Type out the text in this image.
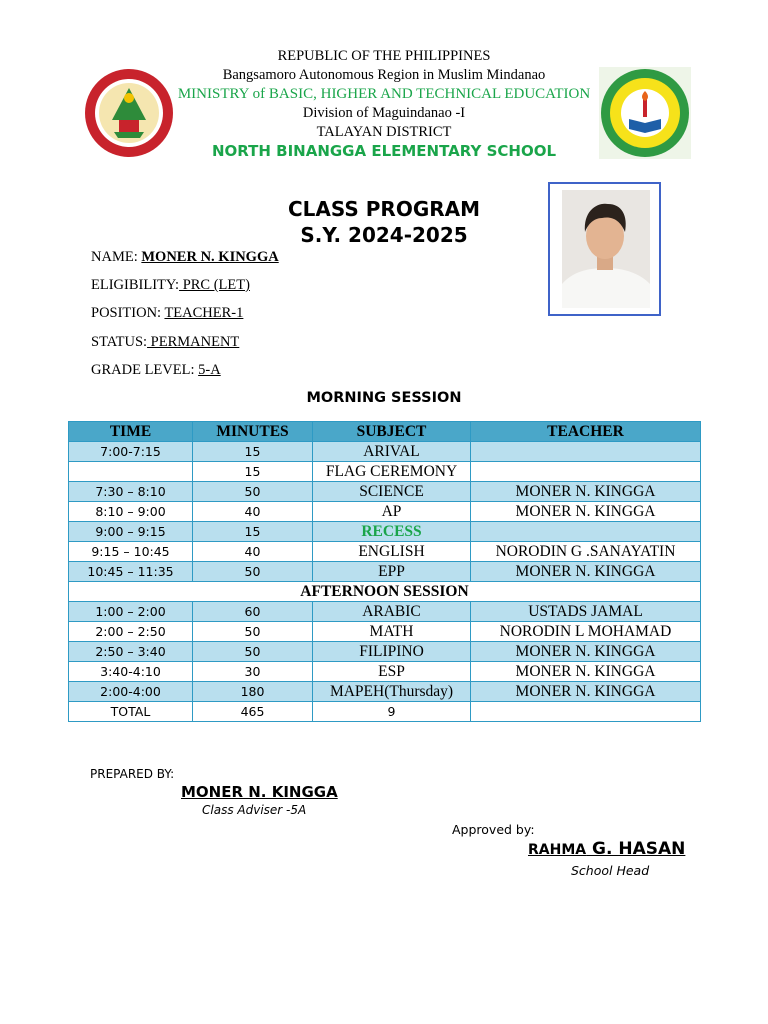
REPUBLIC OF THE PHILIPPINES
Bangsamoro Autonomous Region in Muslim Mindanao
MINISTRY of BASIC, HIGHER AND TECHNICAL EDUCATION
Division of Maguindanao -I
TALAYAN DISTRICT
NORTH BINANGGA ELEMENTARY SCHOOL
CLASS PROGRAM
S.Y. 2024-2025
NAME: MONER N. KINGGA
ELIGIBILITY: PRC (LET)
POSITION: TEACHER-1
STATUS: PERMANENT
GRADE LEVEL: 5-A
MORNING SESSION
TIME	MINUTES	SUBJECT	TEACHER
7:00-7:15	15	ARIVAL	
	15	FLAG CEREMONY	
7:30 – 8:10	50	SCIENCE	MONER N. KINGGA
8:10 – 9:00	40	AP	MONER N. KINGGA
9:00 – 9:15	15	RECESS	
9:15 – 10:45	40	ENGLISH	NORODIN G .SANAYATIN
10:45 – 11:35	50	EPP	MONER N. KINGGA
AFTERNOON SESSION			
1:00 – 2:00	60	ARABIC	USTADS JAMAL
2:00 – 2:50	50	MATH	NORODIN L MOHAMAD
2:50 – 3:40	50	FILIPINO	MONER N. KINGGA
3:40-4:10	30	ESP	MONER N. KINGGA
2:00-4:00	180	MAPEH(Thursday)	MONER N. KINGGA
TOTAL	465	9	
PREPARED BY:
MONER N. KINGGA
Class Adviser -5A
Approved by:
RAHMA G. HASAN
School Head
